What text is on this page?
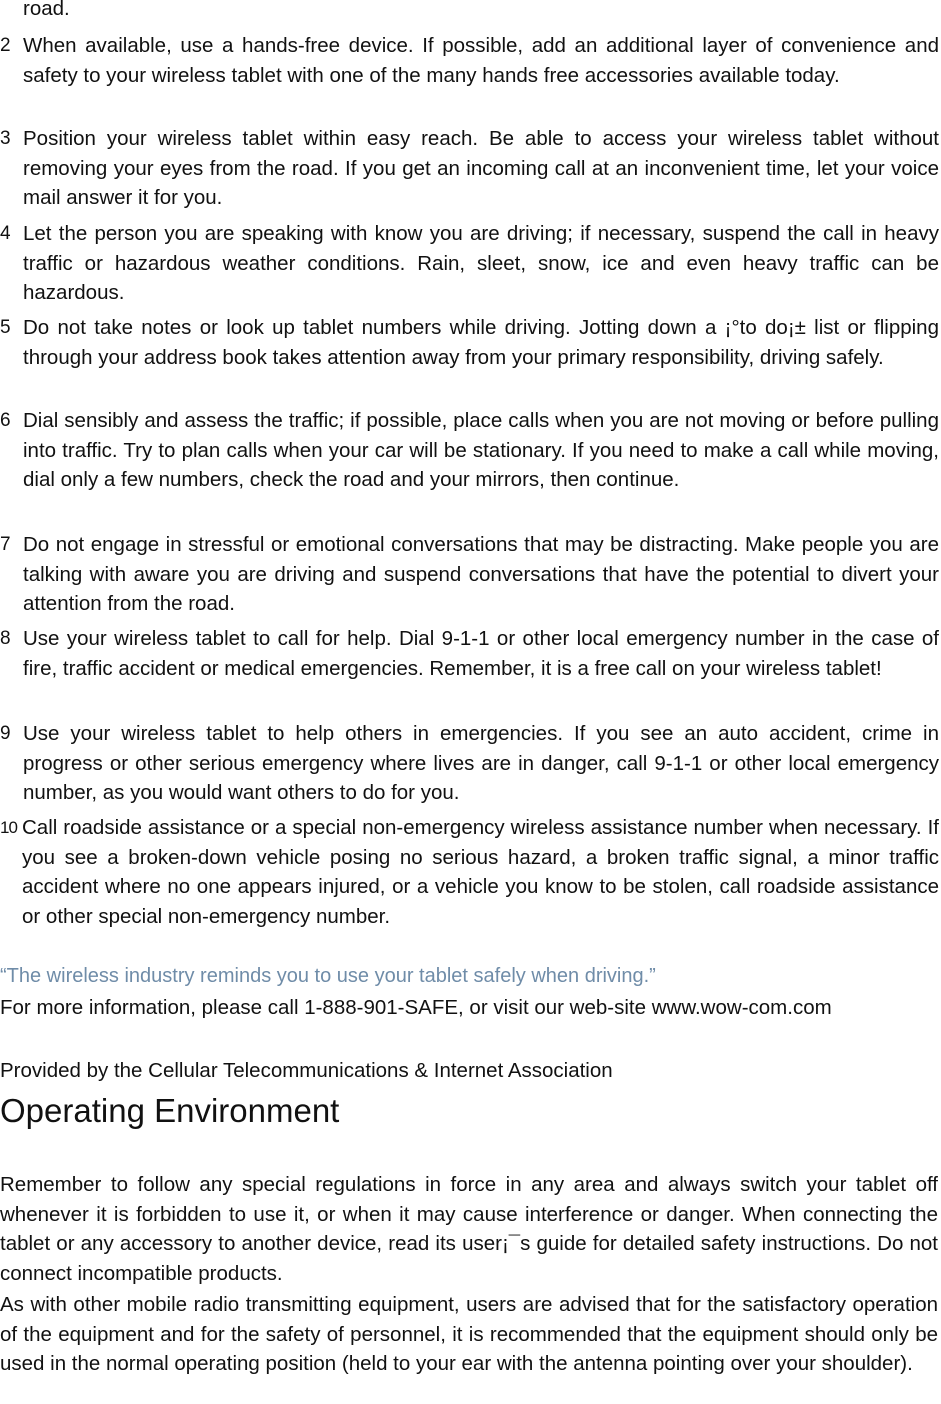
road.
2 When available, use a hands-free device. If possible, add an additional layer of convenience and safety to your wireless tablet with one of the many hands free accessories available today.
3 Position your wireless tablet within easy reach. Be able to access your wireless tablet without removing your eyes from the road. If you get an incoming call at an inconvenient time, let your voice mail answer it for you.
4 Let the person you are speaking with know you are driving; if necessary, suspend the call in heavy traffic or hazardous weather conditions. Rain, sleet, snow, ice and even heavy traffic can be hazardous.
5 Do not take notes or look up tablet numbers while driving. Jotting down a ¡°to do¡± list or flipping through your address book takes attention away from your primary responsibility, driving safely.
6 Dial sensibly and assess the traffic; if possible, place calls when you are not moving or before pulling into traffic. Try to plan calls when your car will be stationary. If you need to make a call while moving, dial only a few numbers, check the road and your mirrors, then continue.
7 Do not engage in stressful or emotional conversations that may be distracting. Make people you are talking with aware you are driving and suspend conversations that have the potential to divert your attention from the road.
8 Use your wireless tablet to call for help. Dial 9-1-1 or other local emergency number in the case of fire, traffic accident or medical emergencies. Remember, it is a free call on your wireless tablet!
9 Use your wireless tablet to help others in emergencies. If you see an auto accident, crime in progress or other serious emergency where lives are in danger, call 9-1-1 or other local emergency number, as you would want others to do for you.
10 Call roadside assistance or a special non-emergency wireless assistance number when necessary. If you see a broken-down vehicle posing no serious hazard, a broken traffic signal, a minor traffic accident where no one appears injured, or a vehicle you know to be stolen, call roadside assistance or other special non-emergency number.
“The wireless industry reminds you to use your tablet safely when driving.”
For more information, please call 1-888-901-SAFE, or visit our web-site www.wow-com.com
Provided by the Cellular Telecommunications & Internet Association
Operating Environment

Remember to follow any special regulations in force in any area and always switch your tablet off whenever it is forbidden to use it, or when it may cause interference or danger. When connecting the tablet or any accessory to another device, read its user¡¯s guide for detailed safety instructions. Do not connect incompatible products.

As with other mobile radio transmitting equipment, users are advised that for the satisfactory operation of the equipment and for the safety of personnel, it is recommended that the equipment should only be used in the normal operating position (held to your ear with the antenna pointing over your shoulder).
